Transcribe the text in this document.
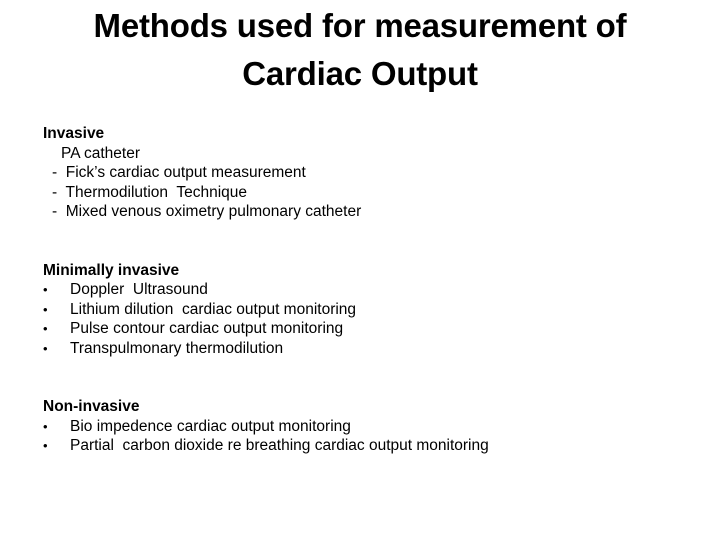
Methods used for measurement of
Cardiac Output
Invasive
PA catheter
-  Fick’s cardiac output measurement
-  Thermodilution  Technique
-  Mixed venous oximetry pulmonary catheter
Minimally invasive
•	Doppler  Ultrasound
•	Lithium dilution  cardiac output monitoring
•	Pulse contour cardiac output monitoring
•	Transpulmonary thermodilution
Non-invasive
•	Bio impedence cardiac output monitoring
•	Partial  carbon dioxide re breathing cardiac output monitoring
